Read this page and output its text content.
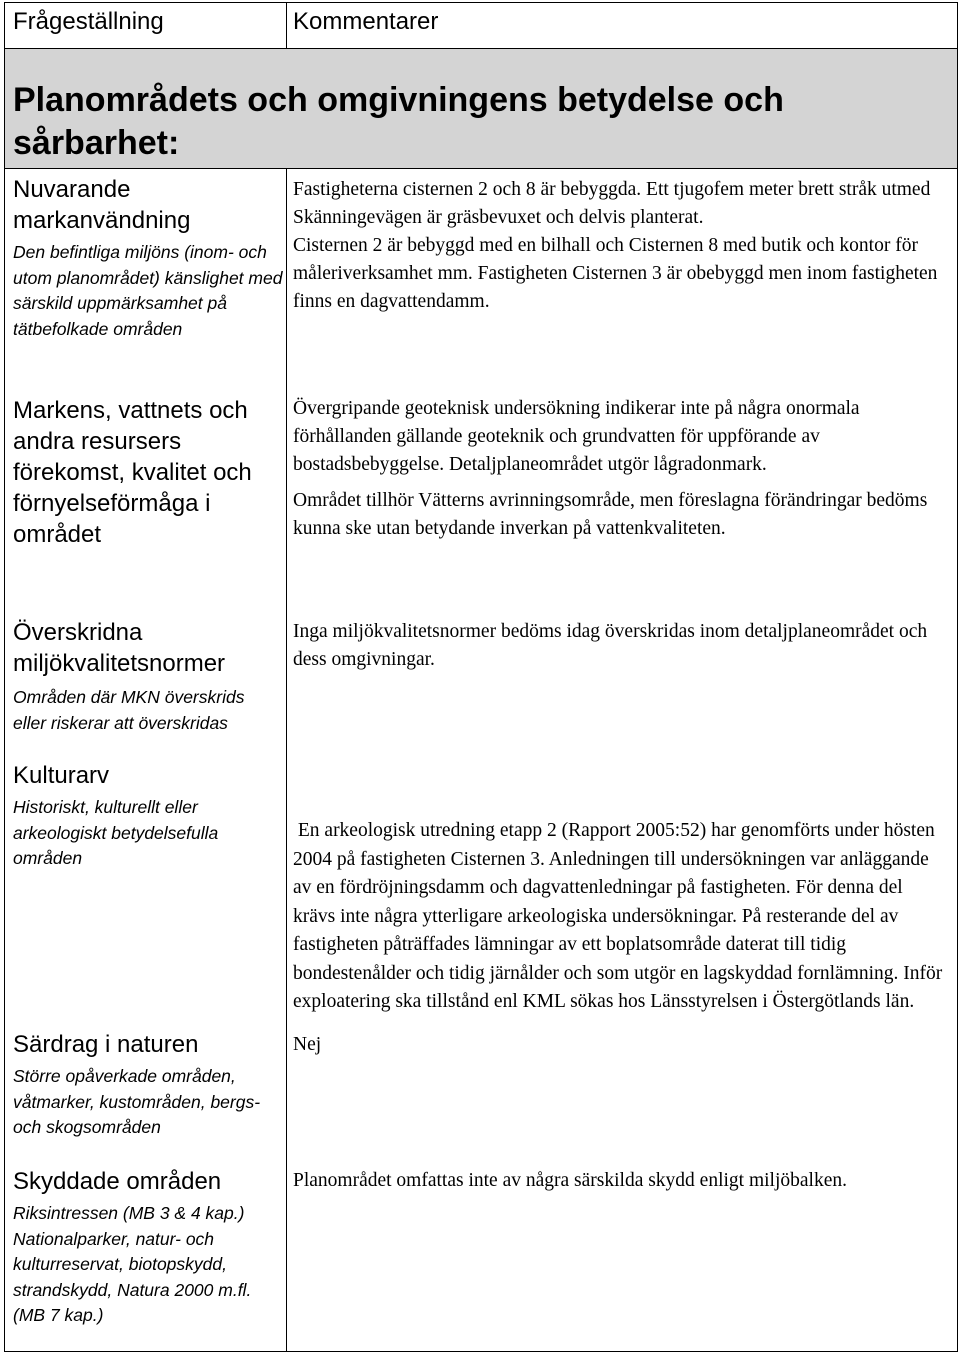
Frågeställning	Kommentarer
Planområdets och omgivningens betydelse och sårbarhet:
Nuvarande markanvändning
Den befintliga miljöns (inom- och utom planområdet) känslighet med särskild uppmärksamhet på tätbefolkade områden

Fastigheterna cisternen 2 och 8 är bebyggda. Ett tjugofem meter brett stråk utmed Skänningevägen är gräsbevuxet och delvis planterat.

Cisternen 2 är bebyggd med en bilhall och Cisternen 8 med butik och kontor för måleriverksamhet mm. Fastigheten Cisternen 3 är obebyggd men inom fastigheten finns en dagvattendamm.

Markens, vattnets och andra resursers förekomst, kvalitet och förnyelseförmåga i området

Övergripande geoteknisk undersökning indikerar inte på några onormala förhållanden gällande geoteknik och grundvatten för uppförande av bostadsbebyggelse. Detaljplaneområdet utgör lågradonmark.

Området tillhör Vätterns avrinningsområde, men föreslagna förändringar bedöms kunna ske utan betydande inverkan på vattenkvaliteten.

Överskridna miljökvalitetsnormer
Områden där MKN överskrids eller riskerar att överskridas

Inga miljökvalitetsnormer bedöms idag överskridas inom detaljplaneområdet och dess omgivningar.

Kulturarv
Historiskt, kulturellt eller arkeologiskt betydelsefulla områden

En arkeologisk utredning etapp 2 (Rapport 2005:52) har genomförts under hösten 2004 på fastigheten Cisternen 3. Anledningen till undersökningen var anläggande av en fördröjningsdamm och dagvattenledningar på fastigheten. För denna del krävs inte några ytterligare arkeologiska undersökningar. På resterande del av fastigheten påträffades lämningar av ett boplatsområde daterat till tidig bondestenålder och tidig järnålder och som utgör en lagskyddad fornlämning. Inför exploatering ska tillstånd enl KML sökas hos Länsstyrelsen i Östergötlands län.

Särdrag i naturen
Större opåverkade områden, våtmarker, kustområden, bergs- och skogsområden

Nej

Skyddade områden
Riksintressen (MB 3 & 4 kap.) Nationalparker, natur- och kulturreservat, biotopskydd, strandskydd, Natura 2000 m.fl. (MB 7 kap.)

Planområdet omfattas inte av några särskilda skydd enligt miljöbalken.
